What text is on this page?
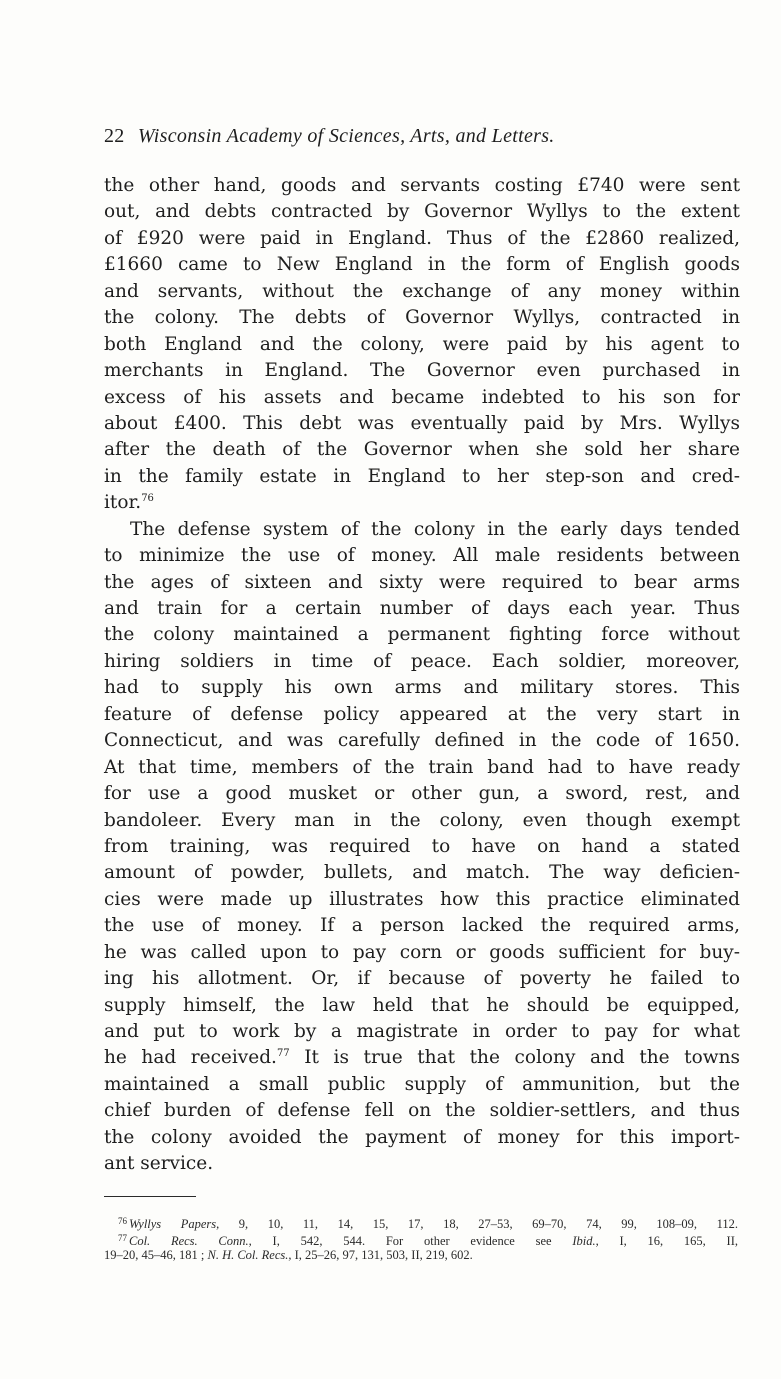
22 Wisconsin Academy of Sciences, Arts, and Letters.
the other hand, goods and servants costing £740 were sent
out, and debts contracted by Governor Wyllys to the extent
of £920 were paid in England. Thus of the £2860 realized,
£1660 came to New England in the form of English goods
and servants, without the exchange of any money within
the colony. The debts of Governor Wyllys, contracted in
both England and the colony, were paid by his agent to
merchants in England. The Governor even purchased in
excess of his assets and became indebted to his son for
about £400. This debt was eventually paid by Mrs. Wyllys
after the death of the Governor when she sold her share
in the family estate in England to her step-son and cred-
itor.$^{76}$
The defense system of the colony in the early days tended
to minimize the use of money. All male residents between
the ages of sixteen and sixty were required to bear arms
and train for a certain number of days each year. Thus
the colony maintained a permanent fighting force without
hiring soldiers in time of peace. Each soldier, moreover,
had to supply his own arms and military stores. This
feature of defense policy appeared at the very start in
Connecticut, and was carefully defined in the code of 1650.
At that time, members of the train band had to have ready
for use a good musket or other gun, a sword, rest, and
bandoleer. Every man in the colony, even though exempt
from training, was required to have on hand a stated
amount of powder, bullets, and match. The way deficien-
cies were made up illustrates how this practice eliminated
the use of money. If a person lacked the required arms,
he was called upon to pay corn or goods sufficient for buy-
ing his allotment. Or, if because of poverty he failed to
supply himself, the law held that he should be equipped,
and put to work by a magistrate in order to pay for what
he had received.$^{77}$ It is true that the colony and the towns
maintained a small public supply of ammunition, but the
chief burden of defense fell on the soldier-settlers, and thus
the colony avoided the payment of money for this import-
ant service.
$^{76}$ Wyllys Papers, 9, 10, 11, 14, 15, 17, 18, 27–53, 69–70, 74, 99, 108–09, 112.
$^{77}$ Col. Recs. Conn., I, 542, 544. For other evidence see Ibid., I, 16, 165, II,
19–20, 45–46, 181 ; N. H. Col. Recs., I, 25–26, 97, 131, 503, II, 219, 602.
